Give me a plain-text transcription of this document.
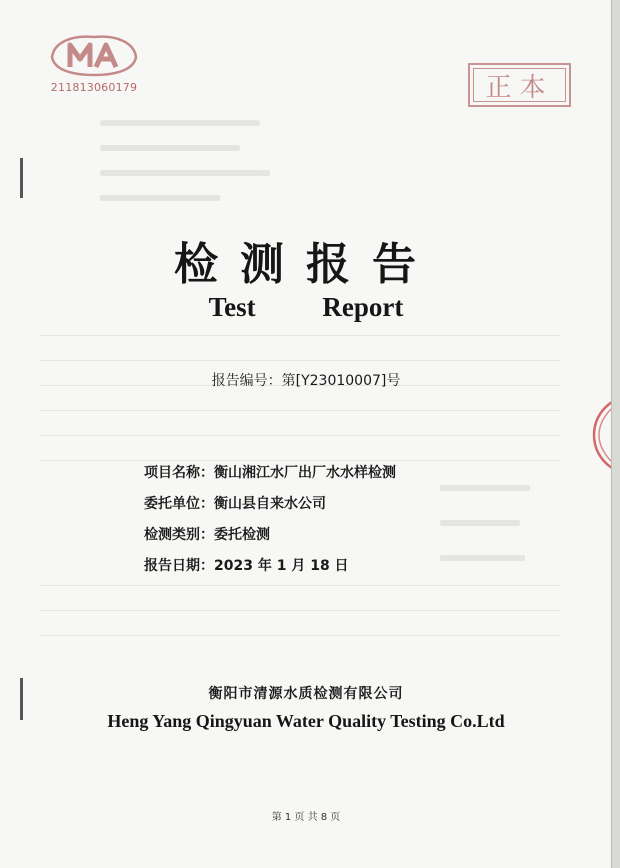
211813060179	正本
检测报告
Test Report
报告编号：第[Y23010007]号
项目名称：衡山湘江水厂出厂水水样检测
委托单位：衡山县自来水公司
检测类别：委托检测
报告日期：2023 年 1 月 18 日
衡阳市清源水质检测有限公司
Heng Yang Qingyuan Water Quality Testing Co.Ltd
第 1 页 共 8 页
